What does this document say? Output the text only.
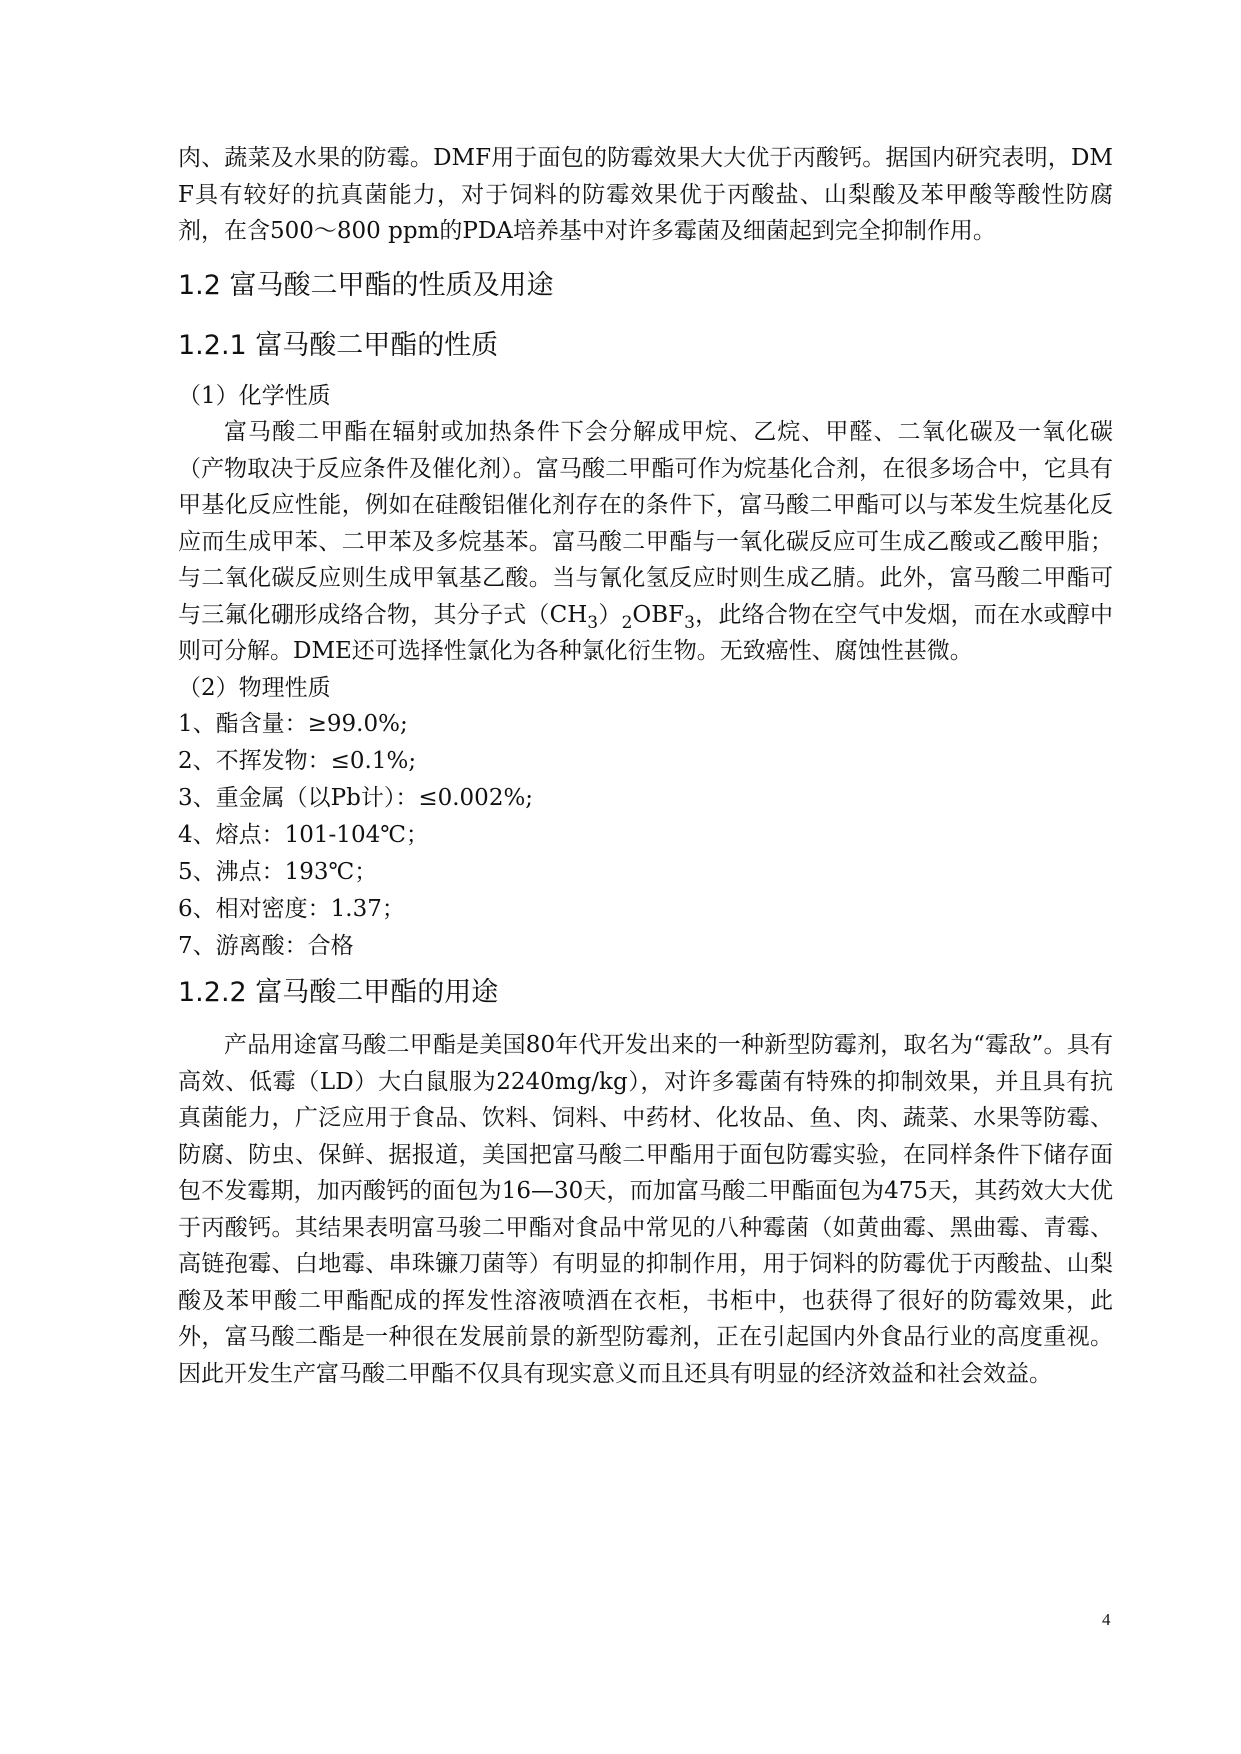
肉、蔬菜及水果的防霉。DMF用于面包的防霉效果大大优于丙酸钙。据国内研究表明，DMF具有较好的抗真菌能力，对于饲料的防霉效果优于丙酸盐、山梨酸及苯甲酸等酸性防腐剂，在含500～800 ppm的PDA培养基中对许多霉菌及细菌起到完全抑制作用。

1.2 富马酸二甲酯的性质及用途
1.2.1 富马酸二甲酯的性质

（1）化学性质

富马酸二甲酯在辐射或加热条件下会分解成甲烷、乙烷、甲醛、二氧化碳及一氧化碳（产物取决于反应条件及催化剂）。富马酸二甲酯可作为烷基化合剂，在很多场合中，它具有甲基化反应性能，例如在硅酸铝催化剂存在的条件下，富马酸二甲酯可以与苯发生烷基化反应而生成甲苯、二甲苯及多烷基苯。富马酸二甲酯与一氧化碳反应可生成乙酸或乙酸甲脂；与二氧化碳反应则生成甲氧基乙酸。当与氰化氢反应时则生成乙腈。此外，富马酸二甲酯可与三氟化硼形成络合物，其分子式$(CH_3)_2OBF_3$，此络合物在空气中发烟，而在水或醇中则可分解。DME还可选择性氯化为各种氯化衍生物。无致癌性、腐蚀性甚微。

（2）物理性质

1、酯含量：≥99.0%;
2、不挥发物：≤0.1%;
3、重金属（以Pb计）：≤0.002%;
4、熔点：101-104℃；
5、沸点：193℃；
6、相对密度：1.37；
7、游离酸：合格
1.2.2 富马酸二甲酯的用途

产品用途富马酸二甲酯是美国80年代开发出来的一种新型防霉剂，取名为“霉敌”。具有高效、低霉（LD）大白鼠服为2240mg/kg），对许多霉菌有特殊的抑制效果，并且具有抗真菌能力，广泛应用于食品、饮料、饲料、中药材、化妆品、鱼、肉、蔬菜、水果等防霉、防腐、防虫、保鲜、据报道，美国把富马酸二甲酯用于面包防霉实验，在同样条件下储存面包不发霉期，加丙酸钙的面包为16—30天，而加富马酸二甲酯面包为475天，其药效大大优于丙酸钙。其结果表明富马骏二甲酯对食品中常见的八种霉菌（如黄曲霉、黑曲霉、青霉、高链孢霉、白地霉、串珠镰刀菌等）有明显的抑制作用，用于饲料的防霉优于丙酸盐、山梨酸及苯甲酸二甲酯配成的挥发性溶液喷酒在衣柜，书柜中，也获得了很好的防霉效果，此外，富马酸二酯是一种很在发展前景的新型防霉剂，正在引起国内外食品行业的高度重视。因此开发生产富马酸二甲酯不仅具有现实意义而且还具有明显的经济效益和社会效益。

4
